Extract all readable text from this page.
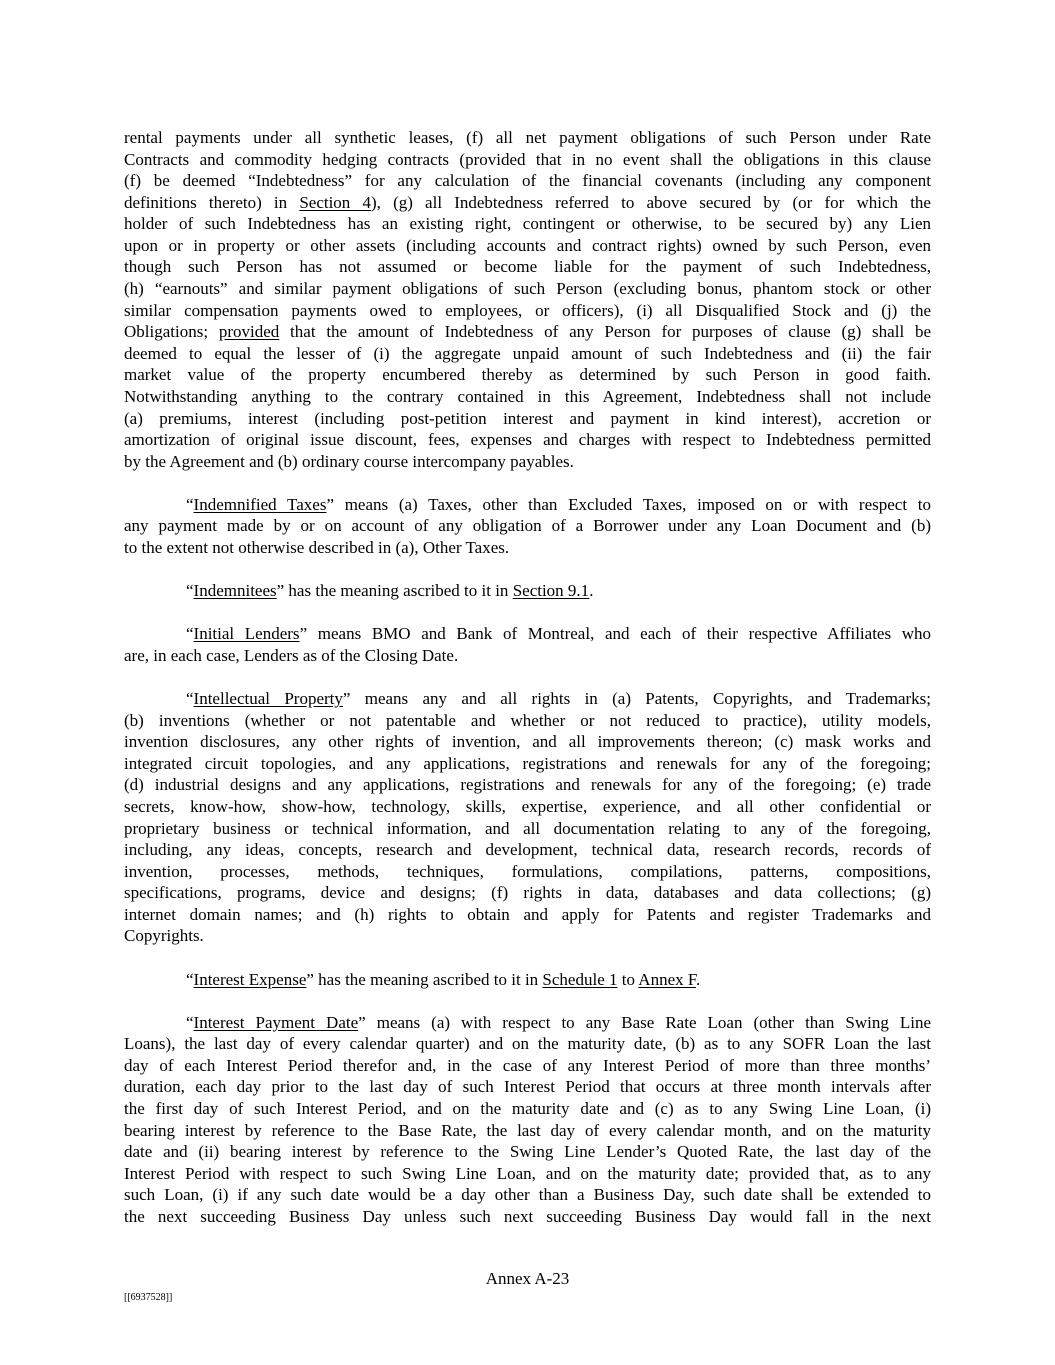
rental payments under all synthetic leases, (f) all net payment obligations of such Person under Rate
Contracts and commodity hedging contracts (provided that in no event shall the obligations in this clause
(f) be deemed “Indebtedness” for any calculation of the financial covenants (including any component
definitions thereto) in Section 4), (g) all Indebtedness referred to above secured by (or for which the
holder of such Indebtedness has an existing right, contingent or otherwise, to be secured by) any Lien
upon or in property or other assets (including accounts and contract rights) owned by such Person, even
though such Person has not assumed or become liable for the payment of such Indebtedness,
(h) “earnouts” and similar payment obligations of such Person (excluding bonus, phantom stock or other
similar compensation payments owed to employees, or officers), (i) all Disqualified Stock and (j) the
Obligations; provided that the amount of Indebtedness of any Person for purposes of clause (g) shall be
deemed to equal the lesser of (i) the aggregate unpaid amount of such Indebtedness and (ii) the fair
market value of the property encumbered thereby as determined by such Person in good faith.
Notwithstanding anything to the contrary contained in this Agreement, Indebtedness shall not include
(a) premiums, interest (including post-petition interest and payment in kind interest), accretion or
amortization of original issue discount, fees, expenses and charges with respect to Indebtedness permitted
by the Agreement and (b) ordinary course intercompany payables.
“Indemnified Taxes” means (a) Taxes, other than Excluded Taxes, imposed on or with respect to
any payment made by or on account of any obligation of a Borrower under any Loan Document and (b)
to the extent not otherwise described in (a), Other Taxes.
“Indemnitees” has the meaning ascribed to it in Section 9.1.
“Initial Lenders” means BMO and Bank of Montreal, and each of their respective Affiliates who
are, in each case, Lenders as of the Closing Date.
“Intellectual Property” means any and all rights in (a) Patents, Copyrights, and Trademarks;
(b) inventions (whether or not patentable and whether or not reduced to practice), utility models,
invention disclosures, any other rights of invention, and all improvements thereon; (c) mask works and
integrated circuit topologies, and any applications, registrations and renewals for any of the foregoing;
(d) industrial designs and any applications, registrations and renewals for any of the foregoing; (e) trade
secrets, know-how, show-how, technology, skills, expertise, experience, and all other confidential or
proprietary business or technical information, and all documentation relating to any of the foregoing,
including, any ideas, concepts, research and development, technical data, research records, records of
invention, processes, methods, techniques, formulations, compilations, patterns, compositions,
specifications, programs, device and designs; (f) rights in data, databases and data collections; (g)
internet domain names; and (h) rights to obtain and apply for Patents and register Trademarks and
Copyrights.
“Interest Expense” has the meaning ascribed to it in Schedule 1 to Annex F.
“Interest Payment Date” means (a) with respect to any Base Rate Loan (other than Swing Line
Loans), the last day of every calendar quarter) and on the maturity date, (b) as to any SOFR Loan the last
day of each Interest Period therefor and, in the case of any Interest Period of more than three months’
duration, each day prior to the last day of such Interest Period that occurs at three month intervals after
the first day of such Interest Period, and on the maturity date and (c) as to any Swing Line Loan, (i)
bearing interest by reference to the Base Rate, the last day of every calendar month, and on the maturity
date and (ii) bearing interest by reference to the Swing Line Lender’s Quoted Rate, the last day of the
Interest Period with respect to such Swing Line Loan, and on the maturity date; provided that, as to any
such Loan, (i) if any such date would be a day other than a Business Day, such date shall be extended to
the next succeeding Business Day unless such next succeeding Business Day would fall in the next
Annex A-23
[[6937528]]
